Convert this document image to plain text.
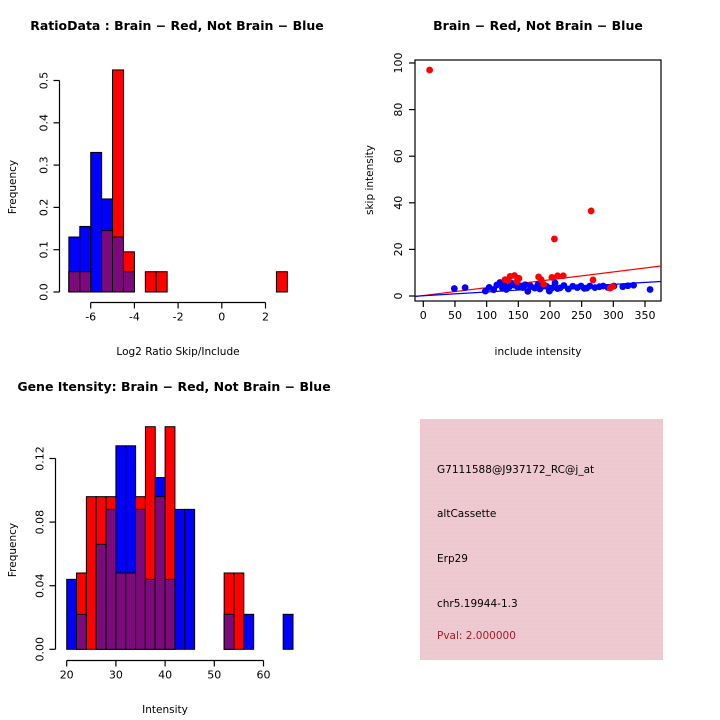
RatioData : Brain − Red, Not Brain − Blue
Log2 Ratio Skip/Include
Frequency
-6	-4	-2	0	2
0.0
0.1
0.2
0.3
0.4
0.5
Brain − Red, Not Brain − Blue
include intensity
skip intensity
0 50 100 150 200 250 300 350
0
20
40
60
80
100
Gene Itensity: Brain − Red, Not Brain − Blue
Intensity
Frequency
20	30	40	50	60
0.00
0.04
0.08
0.12	G7111588@J937172_RC@j_at
altCassette
Erp29
chr5.19944-1.3
Pval: 2.000000
